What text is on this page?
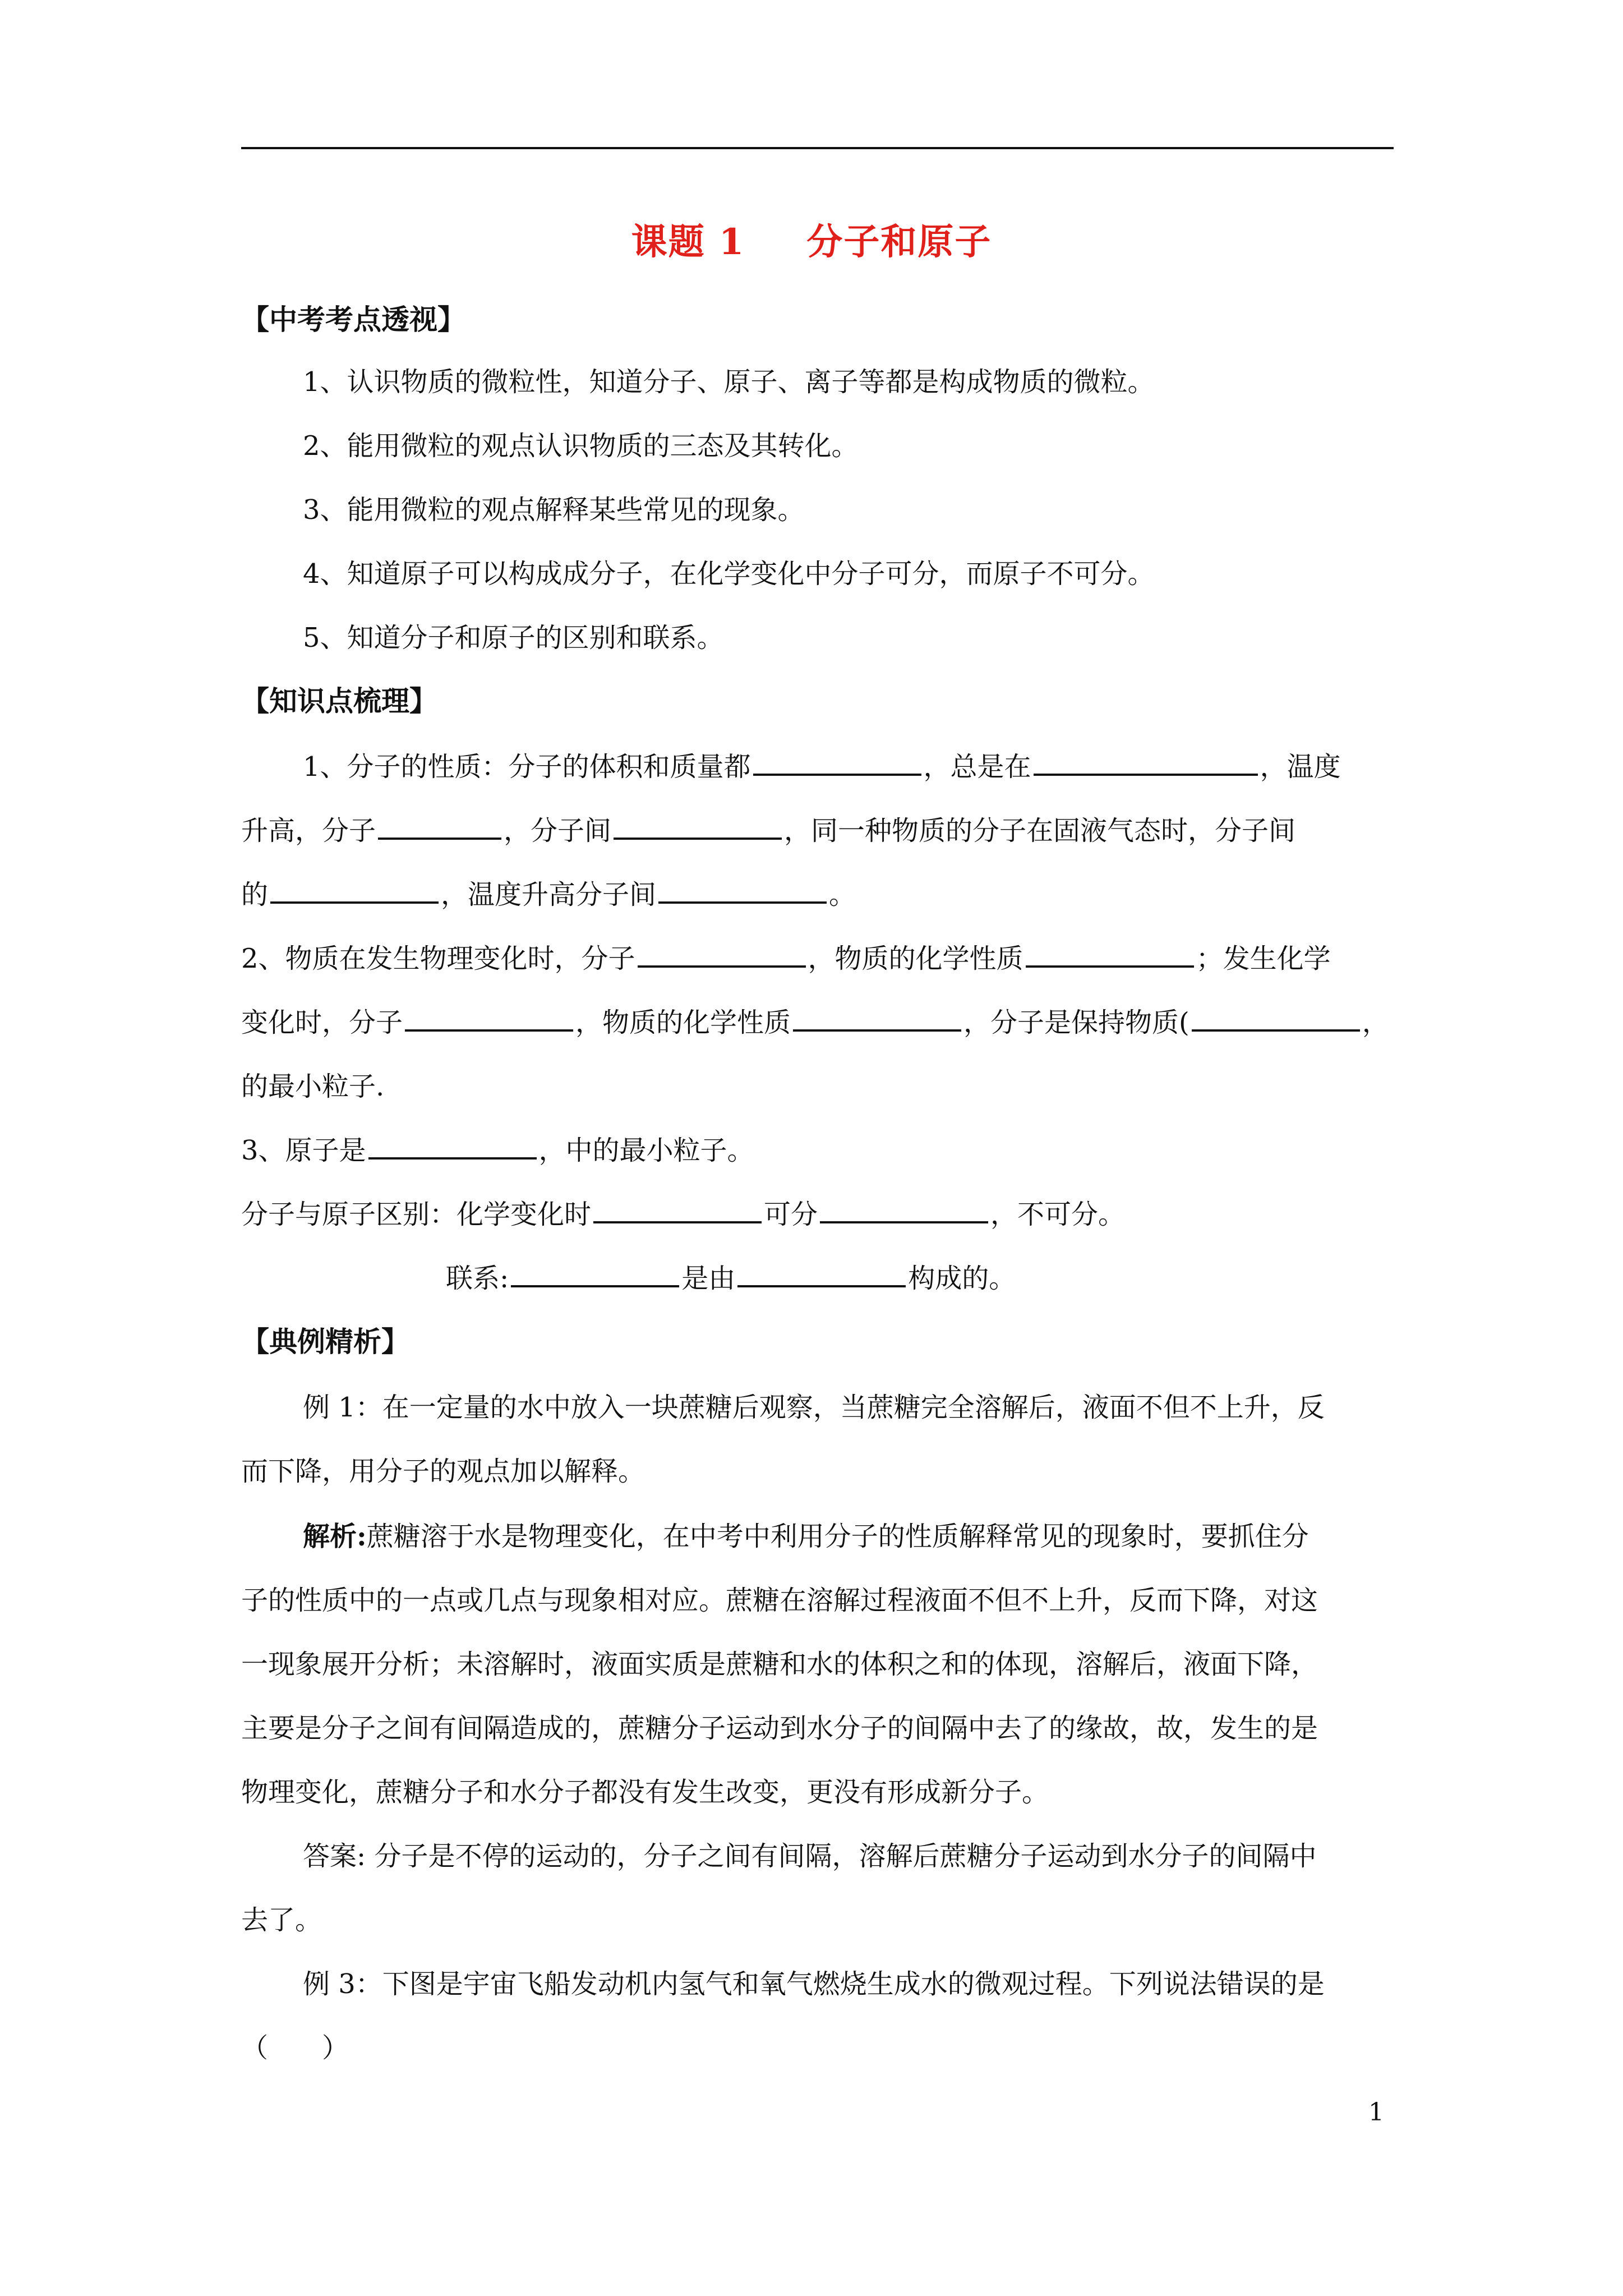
课题 1 分子和原子
【中考考点透视】
1、认识物质的微粒性，知道分子、原子、离子等都是构成物质的微粒。
2、能用微粒的观点认识物质的三态及其转化。
3、能用微粒的观点解释某些常见的现象。
4、知道原子可以构成成分子，在化学变化中分子可分，而原子不可分。
5、知道分子和原子的区别和联系。
【知识点梳理】
1、分子的性质：分子的体积和质量都	，总是在	，温度
升高，分子	，分子间	，同一种物质的分子在固液气态时，分子间
的	，温度升高分子间	。
2、物质在发生物理变化时，分子	，物质的化学性质	；发生化学
变化时，分子	，物质的化学性质	，分子是保持物质(	，
的最小粒子.
3、原子是	，中的最小粒子。
分子与原子区别：化学变化时	可分	，不可分。
联系:	是由	构成的。
【典例精析】
例 1：在一定量的水中放入一块蔗糖后观察，当蔗糖完全溶解后，液面不但不上升，反
而下降，用分子的观点加以解释。
解析:蔗糖溶于水是物理变化，在中考中利用分子的性质解释常见的现象时，要抓住分
子的性质中的一点或几点与现象相对应。蔗糖在溶解过程液面不但不上升，反而下降，对这
一现象展开分析；未溶解时，液面实质是蔗糖和水的体积之和的体现，溶解后，液面下降，
主要是分子之间有间隔造成的，蔗糖分子运动到水分子的间隔中去了的缘故，故，发生的是
物理变化，蔗糖分子和水分子都没有发生改变，更没有形成新分子。
答案: 分子是不停的运动的，分子之间有间隔，溶解后蔗糖分子运动到水分子的间隔中
去了。
例 3：下图是宇宙飞船发动机内氢气和氧气燃烧生成水的微观过程。下列说法错误的是
（　　）
1
